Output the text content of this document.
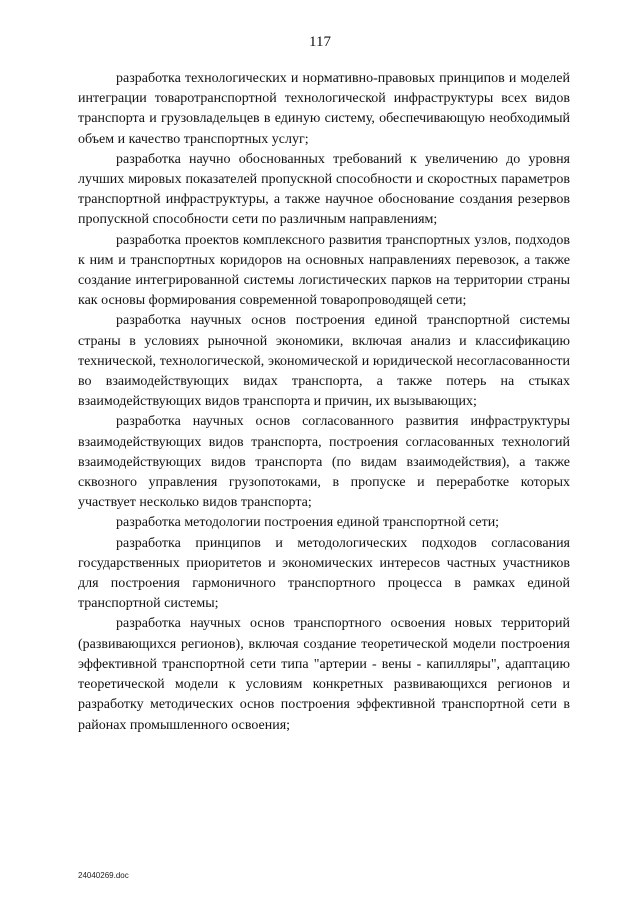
117

разработка технологических и нормативно-правовых принципов и моделей интеграции товаротранспортной технологической инфраструктуры всех видов транспорта и грузовладельцев в единую систему, обеспечивающую необходимый объем и качество транспортных услуг;

разработка научно обоснованных требований к увеличению до уровня лучших мировых показателей пропускной способности и скоростных параметров транспортной инфраструктуры, а также научное обоснование создания резервов пропускной способности сети по различным направлениям;

разработка проектов комплексного развития транспортных узлов, подходов к ним и транспортных коридоров на основных направлениях перевозок, а также создание интегрированной системы логистических парков на территории страны как основы формирования современной товаропроводящей сети;

разработка научных основ построения единой транспортной системы страны в условиях рыночной экономики, включая анализ и классификацию технической, технологической, экономической и юридической несогласованности во взаимодействующих видах транспорта, а также потерь на стыках взаимодействующих видов транспорта и причин, их вызывающих;

разработка научных основ согласованного развития инфраструктуры взаимодействующих видов транспорта, построения согласованных технологий взаимодействующих видов транспорта (по видам взаимодействия), а также сквозного управления грузопотоками, в пропуске и переработке которых участвует несколько видов транспорта;

разработка методологии построения единой транспортной сети;

разработка принципов и методологических подходов согласования государственных приоритетов и экономических интересов частных участников для построения гармоничного транспортного процесса в рамках единой транспортной системы;

разработка научных основ транспортного освоения новых территорий (развивающихся регионов), включая создание теоретической модели построения эффективной транспортной сети типа "артерии - вены - капилляры", адаптацию теоретической модели к условиям конкретных развивающихся регионов и разработку методических основ построения эффективной транспортной сети в районах промышленного освоения;

24040269.doc
